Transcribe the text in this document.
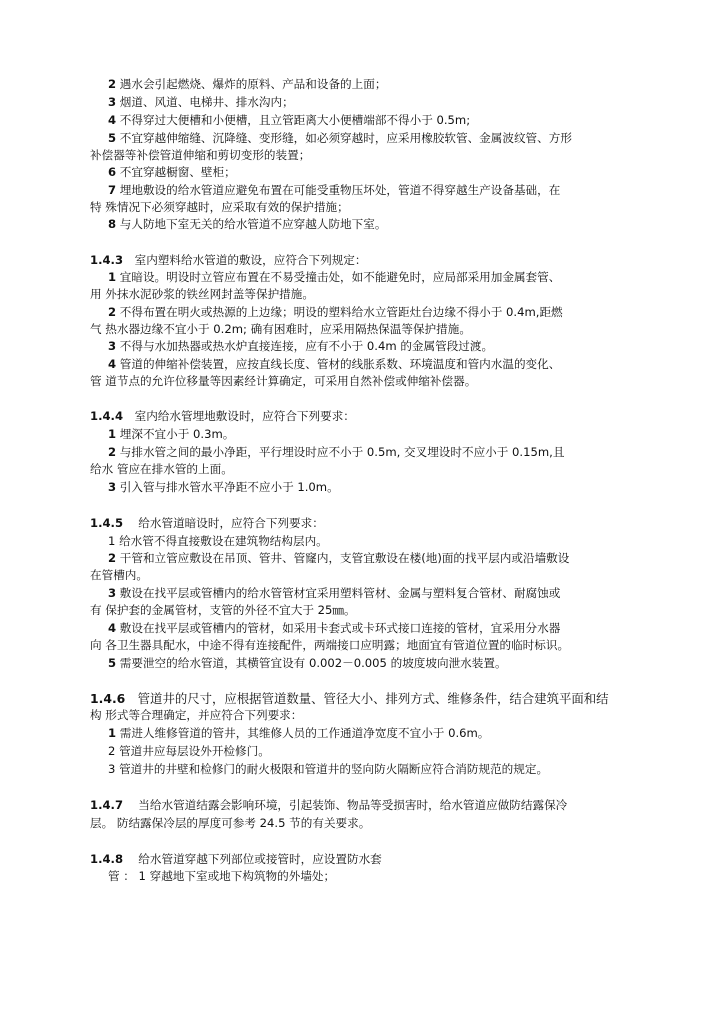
2 遇水会引起燃烧、爆炸的原料、产品和设备的上面；
3 烟道、风道、电梯井、排水沟内；
4 不得穿过大便槽和小便槽，且立管距离大小便槽端部不得小于 0.5m;
5 不宜穿越伸缩缝、沉降缝、变形缝，如必须穿越时，应采用橡胶软管、金属波纹管、方形
补偿器等补偿管道伸缩和剪切变形的装置；
6 不宜穿越橱窗、壁柜；
7 埋地敷设的给水管道应避免布置在可能受重物压坏处，管道不得穿越生产设备基础，在
特 殊情况下必须穿越时，应采取有效的保护措施；
8 与人防地下室无关的给水管道不应穿越人防地下室。
1.4.3　室内塑料给水管道的敷设，应符合下列规定：
1 宜暗设。明设时立管应布置在不易受撞击处，如不能避免时，应局部采用加金属套管、
用 外抹水泥砂浆的铁丝网封盖等保护措施。
2 不得布置在明火或热源的上边缘；明设的塑料给水立管距灶台边缘不得小于 0.4m,距燃
气 热水器边缘不宜小于 0.2m; 确有困难时，应采用隔热保温等保护措施。
3 不得与水加热器或热水炉直接连接，应有不小于 0.4m 的金属管段过渡。
4 管道的伸缩补偿装置，应按直线长度、管材的线胀系数、环境温度和管内水温的变化、
管 道节点的允许位移量等因素经计算确定，可采用自然补偿或伸缩补偿器。
1.4.4　室内给水管埋地敷设时，应符合下列要求：
1 埋深不宜小于 0.3m。
2 与排水管之间的最小净距，平行埋设时应不小于 0.5m, 交叉埋设时不应小于 0.15m,且
给水 管应在排水管的上面。
3 引入管与排水管水平净距不应小于 1.0m。
1.4.5　 给水管道暗设时，应符合下列要求：
1 给水管不得直接敷设在建筑物结构层内。
2 干管和立管应敷设在吊顶、管井、管窿内，支管宜敷设在楼(地)面的找平层内或沿墙敷设
在管槽内。
3 敷设在找平层或管槽内的给水管管材宜采用塑料管材、金属与塑料复合管材、耐腐蚀或
有 保护套的金属管材，支管的外径不宜大于 25㎜。
4 敷设在找平层或管槽内的管材，如采用卡套式或卡环式接口连接的管材，宜采用分水器
向 各卫生器具配水，中途不得有连接配件，两端接口应明露；地面宜有管道位置的临时标识。
5 需要泄空的给水管道，其横管宜设有 0.002－0.005 的坡度坡向泄水装置。
1.4.6　管道井的尺寸，应根据管道数量、管径大小、排列方式、维修条件，结合建筑平面和结
构 形式等合理确定，并应符合下列要求：
1 需进人维修管道的管井，其维修人员的工作通道净宽度不宜小于 0.6m。
2 管道井应每层设外开检修门。
3 管道井的井壁和检修门的耐火极限和管道井的竖向防火隔断应符合消防规范的规定。
1.4.7　 当给水管道结露会影响环境，引起装饰、物品等受损害时，给水管道应做防结露保冷
层。 防结露保冷层的厚度可参考 24.5 节的有关要求。
1.4.8　 给水管道穿越下列部位或接管时，应设置防水套
管 ： 1 穿越地下室或地下构筑物的外墙处；
